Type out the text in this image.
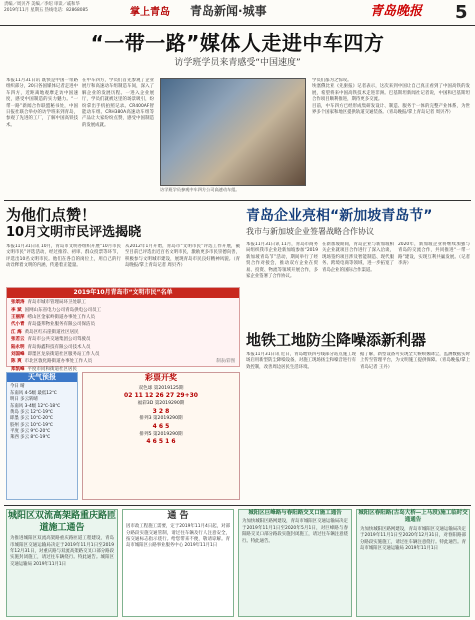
责编／周贝齐 美编／李绍 审读／戚和华
2019年11月 星期五 热线电话：82868085	掌上青岛 青岛新闻·城事	青岛晚报 5
“一带一路”媒体人走进中车四方
访学班学员来青感受“中国速度”
本报11月31日讯 既快是中国一带路组织部分，20日各国媒体记者走进中车四方，近距离地观摩走访中国速度，感受中国制造的实力魅力。“一带一路”新闻合作联盟秘书处，中国日报社联合举办的访学班来到青岛，参观了先进的工厂，了解中国高铁技术。
在中车四方，学员们首先参观了企业展厅和高速动车组制造车间，深入了解企业的发展历程。一进入企业展厅，学员们就被这里的场景吸引，纷纷拿出手机拍照记录。CR400AF智能动车组、CRH380A高速动车组等产品让大家纷纷点赞，感受中国制造的发展成就。
访学班学员参观中车四方公司高速动车组。
学员们都为之惊叹。
埃塞俄比亚《先驱报》记者表示，这次来到中国让自己真正看到了中国高铁的发展，希望将来中国高铁技术走进非洲。巴基斯坦新闻社记者说，中国和巴基斯坦合作项目顺利推进，期待更多交流。
目前，中车四方已经形成集研发设计、制造、服务于一体的完整产业体系，为世界多个国家和地区提供轨道交通装备。（青岛晚报/掌上青岛记者 周贝齐）
为他们点赞！
10月文明市民评选揭晓
本报11月31日讯 10月，青岛市文明办组织开展“10月市民文明市民”评选活动，经过推荐、初审、群众投票等环节，评选出10名文明市民。他们在各自的岗位上，用自己的行动诠释着文明的内涵，传递着正能量。
从2012年1月开始，青岛市“文明市民”评选工作开展，截至目前已评选出近百名文明市民，激励更多市民崇德向善，积极参与文明城市建设，展现青岛市民良好精神风貌。（青岛晚报/掌上青岛记者 周贝齐）
2019年10月青岛市“文明市民”名单
张颂涛 青岛市城市管理局环卫处职工
李 斌 国网山东省电力公司青岛供电公司员工
王丽萍 崂山区金家岭街道办事处工作人员
代小青 青岛盛邦物业服务有限公司保洁员
江 海 黄岛区红石崖街道社区居民
张若云 青岛市公共交通集团公司驾驶员
陆永明 青岛海鑫科技有限公司技术人员
刘国峰 即墨区龙泉街道社区服务站工作人员
陈 爽 市北区敦化路街道办事处工作人员
郑凯峰 平度市同和街道社区居民
制表/彩图
青岛企业亮相“新加坡青岛节”
我市与新加坡企业签署战略合作协议
本报11月31日讯 11月，青岛市商务局组织我市企业赴新加坡参加“2019新加坡青岛节”活动，期间举行了经贸合作对接会，推动双方企业在贸易、投资、物流等领域开展合作，多家企业签署了合作协议。
在新加坡期间，青岛企业与新加坡相关企业就项目合作进行了深入洽谈，现场签约项目涉及智能制造、现代服务、跨境电商等领域，进一步拓宽了青岛企业的国际合作渠道。
2020年，新加坡企业将继续加强与青岛的交流合作，共同推进“一带一路”建设，实现互利共赢发展。（记者 李涛）
地铁工地防尘降噪添新利器
本报11月31日讯 近日，青岛地铁四号线部分站点施工现场启用新型防尘降噪设备，对施工现场扬尘和噪音进行有效控制，改善周边居民生活环境。
据了解，新型设备可实现全天候喷雾降尘，监测数据实时上传至管理平台，为文明施工提供保障。（青岛晚报/掌上青岛记者 王丹）
天气预报
今日 晴
东南风 4-5级 最低12℃
明日 多云转晴
东南风 3-4级 12℃-18℃
黄岛 多云 12℃-19℃
即墨 多云 10℃-20℃
胶州 多云 10℃-19℃
平度 多云 9℃-20℃
莱西 多云 8℃-19℃
彩票开奖
双色球 第2019125期
02 11 12 26 27 29+30
福彩3D 第2019290期
3 2 8
排列3 第2019290期
4 6 5
排列5 第2019290期
4 6 5 1 6
城阳区双流高架路重庆路匝道施工通告
为推进城阳区双流高架路重庆路匝道工程建设，青岛市城阳区交通运输局决定于2019年11月1日至2019年12月31日，对重庆路与双流高架路交叉口部分路段实施封闭施工，请过往车辆绕行。特此通告。城阳区交通运输局 2019年11月1日
通 告
因市政工程施工需要，定于2019年11月4日起，对部分路段实施交通管制，请过往车辆及行人注意安全，按交通标志指示绕行。给您带来不便，敬请谅解。青岛市城阳区公路事业服务中心 2019年11月1日
城阳区巨峰路与春阳路交叉口施工通告
为加快城阳区路网建设，青岛市城阳区交通运输局决定于2019年11月1日至2020年5月1日，对巨峰路与春阳路交叉口部分路段实施封闭施工，请过往车辆注意绕行。特此通告。
城阳区春阳路(古岛大桥—上马段)施工临时交通通告
为加快城阳区路网建设，青岛市城阳区交通运输局决定于2019年11月1日至2020年12月31日，对春阳路部分路段实施施工，请过往车辆注意绕行。特此通告。青岛市城阳区交通运输局 2019年11月1日
